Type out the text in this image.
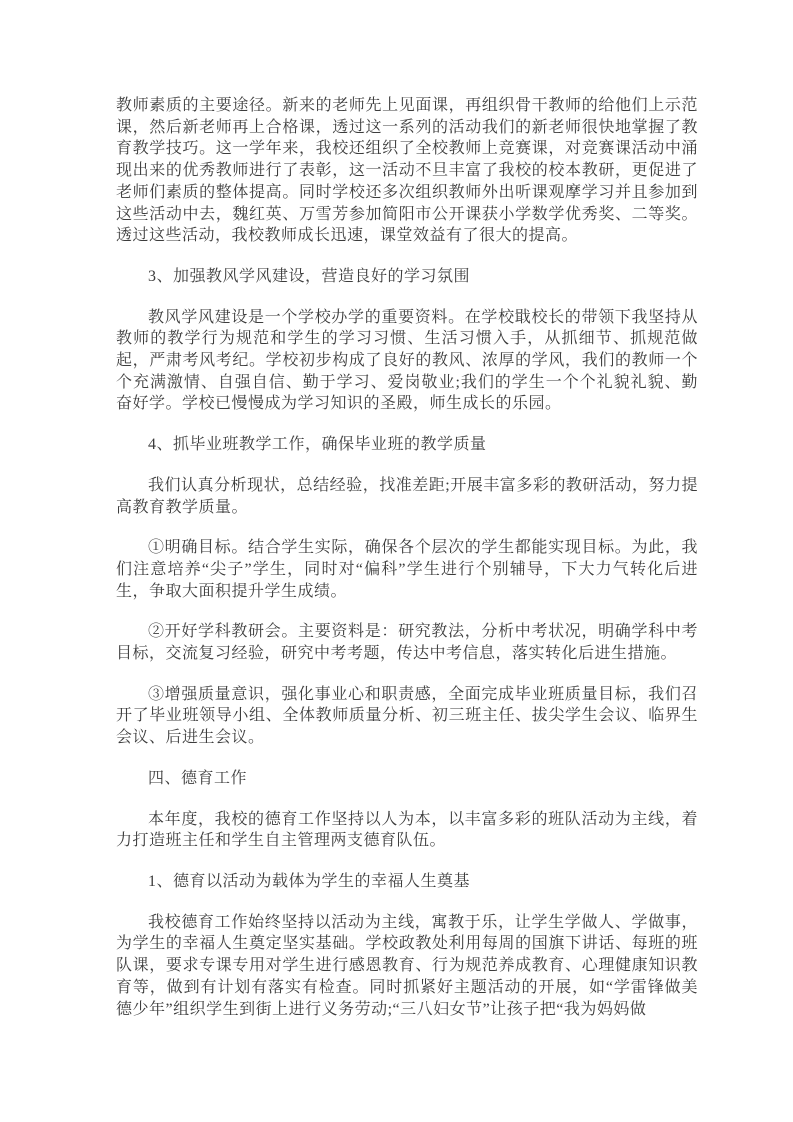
教师素质的主要途径。新来的老师先上见面课，再组织骨干教师的给他们上示范课，然后新老师再上合格课，透过这一系列的活动我们的新老师很快地掌握了教育教学技巧。这一学年来，我校还组织了全校教师上竞赛课，对竞赛课活动中涌现出来的优秀教师进行了表彰，这一活动不旦丰富了我校的校本教研，更促进了老师们素质的整体提高。同时学校还多次组织教师外出听课观摩学习并且参加到这些活动中去，魏红英、万雪芳参加简阳市公开课获小学数学优秀奖、二等奖。透过这些活动，我校教师成长迅速，课堂效益有了很大的提高。

3、加强教风学风建设，营造良好的学习氛围

教风学风建设是一个学校办学的重要资料。在学校戢校长的带领下我坚持从教师的教学行为规范和学生的学习习惯、生活习惯入手，从抓细节、抓规范做起，严肃考风考纪。学校初步构成了良好的教风、浓厚的学风，我们的教师一个个充满激情、自强自信、勤于学习、爱岗敬业;我们的学生一个个礼貌礼貌、勤奋好学。学校已慢慢成为学习知识的圣殿，师生成长的乐园。

4、抓毕业班教学工作，确保毕业班的教学质量

我们认真分析现状，总结经验，找准差距;开展丰富多彩的教研活动，努力提高教育教学质量。

①明确目标。结合学生实际，确保各个层次的学生都能实现目标。为此，我们注意培养“尖子”学生，同时对“偏科”学生进行个别辅导，下大力气转化后进生，争取大面积提升学生成绩。

②开好学科教研会。主要资料是：研究教法，分析中考状况，明确学科中考目标，交流复习经验，研究中考考题，传达中考信息，落实转化后进生措施。

③增强质量意识，强化事业心和职责感，全面完成毕业班质量目标，我们召开了毕业班领导小组、全体教师质量分析、初三班主任、拔尖学生会议、临界生会议、后进生会议。

四、德育工作

本年度，我校的德育工作坚持以人为本，以丰富多彩的班队活动为主线，着力打造班主任和学生自主管理两支德育队伍。

1、德育以活动为载体为学生的幸福人生奠基

我校德育工作始终坚持以活动为主线，寓教于乐，让学生学做人、学做事，为学生的幸福人生奠定坚实基础。学校政教处利用每周的国旗下讲话、每班的班队课，要求专课专用对学生进行感恩教育、行为规范养成教育、心理健康知识教育等，做到有计划有落实有检查。同时抓紧好主题活动的开展，如“学雷锋做美德少年”组织学生到街上进行义务劳动;“三八妇女节”让孩子把“我为妈妈做
